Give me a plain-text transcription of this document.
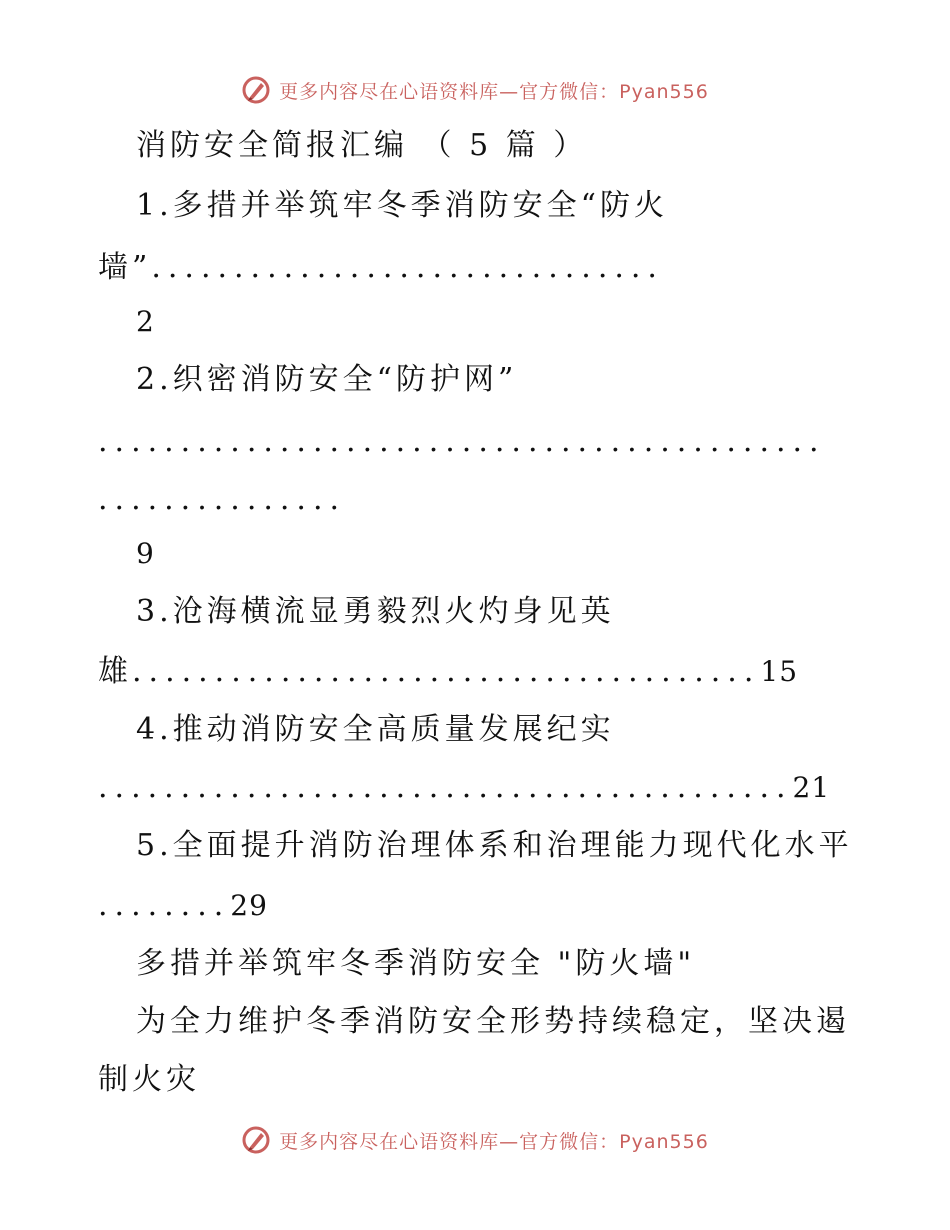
更多内容尽在心语资料库—官方微信：Pyan556
消防安全简报汇编 （ 5 篇 ）
1.多措并举筑牢冬季消防安全“防火
墙”...............................
2
2.织密消防安全“防护网”
............................................
...............
9
3.沧海横流显勇毅烈火灼身见英
雄......................................15
4.推动消防安全高质量发展纪实
..........................................21
5.全面提升消防治理体系和治理能力现代化水平
........29
多措并举筑牢冬季消防安全 "防火墙"
为全力维护冬季消防安全形势持续稳定，坚决遏
制火灾
更多内容尽在心语资料库—官方微信：Pyan556
